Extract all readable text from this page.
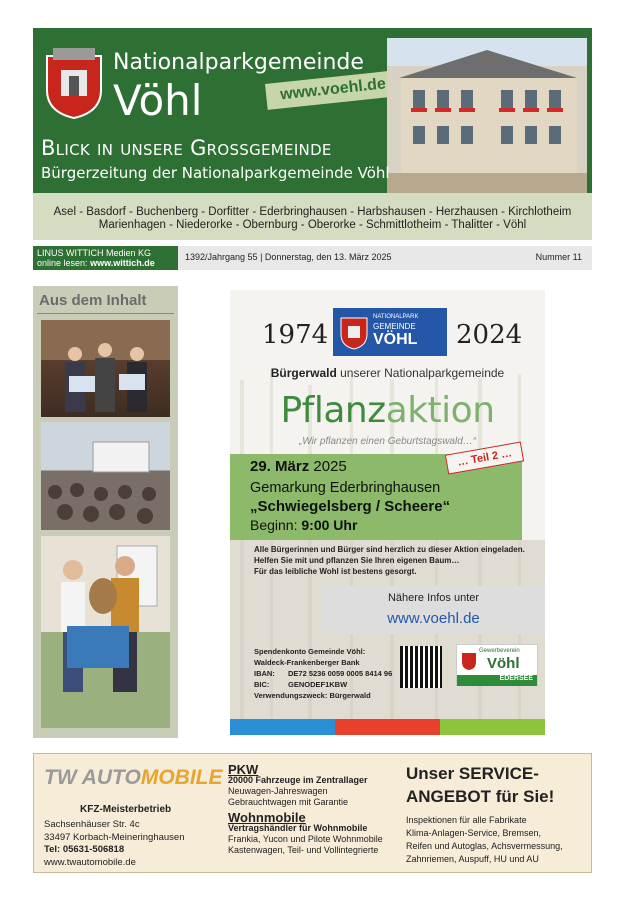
Nationalparkgemeinde
Vöhl	www.voehl.de
Blick in unsere Grossgemeinde
Bürgerzeitung der Nationalparkgemeinde Vöhl
Asel - Basdorf - Buchenberg - Dorfitter - Ederbringhausen - Harbshausen - Herzhausen - Kirchlotheim
Marienhagen - Niederorke - Obernburg - Oberorke - Schmittlotheim - Thalitter - Vöhl
LINUS WITTICH Medien KG
online lesen: www.wittich.de
1392/Jahrgang 55 | Donnerstag, den 13. März 2025	Nummer 11
Aus dem Inhalt
1974
NATIONALPARK
GEMEINDE
VÖHL 2024
Bürgerwald unserer Nationalparkgemeinde
Pflanzaktion
„Wir pflanzen einen Geburtstagswald…“
29. März 2025	… Teil 2 …
Gemarkung Ederbringhausen
„Schwiegelsberg / Scheere“
Beginn: 9:00 Uhr
Alle Bürgerinnen und Bürger sind herzlich zu dieser Aktion eingeladen.
Helfen Sie mit und pflanzen Sie Ihren eigenen Baum…
Für das leibliche Wohl ist bestens gesorgt.
Nähere Infos unter
www.voehl.de
Spendenkonto Gemeinde Vöhl:
Waldeck-Frankenberger Bank
IBAN: DE72 5236 0059 0005 8414 96
BIC: GENODEF1KBW
Verwendungszweck: Bürgerwald
Gewerbeverein
Vöhl
EDERSEE
TW AUTOMOBILE
KFZ-Meisterbetrieb
Sachsenhäuser Str. 4c
33497 Korbach-Meineringhausen
Tel: 05631-506818
www.twautomobile.de
PKW
20000 Fahrzeuge im Zentrallager
Neuwagen-Jahreswagen
Gebrauchtwagen mit Garantie
Wohnmobile
Vertragshändler für Wohnmobile
Frankia, Yucon und Pilote Wohnmobile
Kastenwagen, Teil- und Vollintegrierte
Unser SERVICE-
ANGEBOT für Sie!
Inspektionen für alle Fabrikate
Klima-Anlagen-Service, Bremsen,
Reifen und Autoglas, Achsvermessung,
Zahnriemen, Auspuff, HU und AU
